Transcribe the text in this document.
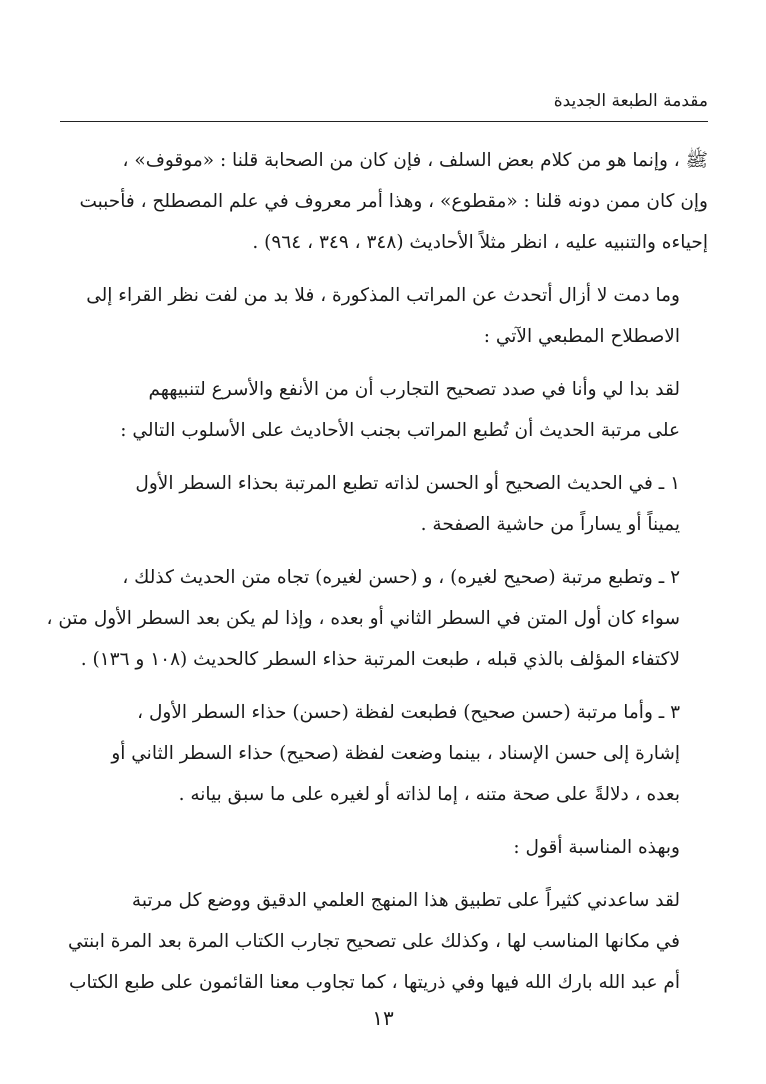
مقدمة الطبعة الجديدة

ﷺ ، وإنما هو من كلام بعض السلف ، فإن كان من الصحابة قلنا : «موقوف» ،
وإن كان ممن دونه قلنا : «مقطوع» ، وهذا أمر معروف في علم المصطلح ، فأحببت
إحياءه والتنبيه عليه ، انظر مثلاً الأحاديث (٣٤٨ ، ٣٤٩ ، ٩٦٤) .

وما دمت لا أزال أتحدث عن المراتب المذكورة ، فلا بد من لفت نظر القراء إلى
الاصطلاح المطبعي الآتي :

لقد بدا لي وأنا في صدد تصحيح التجارب أن من الأنفع والأسرع لتنبيههم
على مرتبة الحديث أن تُطبع المراتب بجنب الأحاديث على الأسلوب التالي :

١ ـ في الحديث الصحيح أو الحسن لذاته تطبع المرتبة بحذاء السطر الأول
يميناً أو يساراً من حاشية الصفحة .

٢ ـ وتطبع مرتبة (صحيح لغيره) ، و (حسن لغيره) تجاه متن الحديث كذلك ،
سواء كان أول المتن في السطر الثاني أو بعده ، وإذا لم يكن بعد السطر الأول متن ،
لاكتفاء المؤلف بالذي قبله ، طبعت المرتبة حذاء السطر كالحديث (١٠٨ و ١٣٦) .

٣ ـ وأما مرتبة (حسن صحيح) فطبعت لفظة (حسن) حذاء السطر الأول ،
إشارة إلى حسن الإسناد ، بينما وضعت لفظة (صحيح) حذاء السطر الثاني أو
بعده ، دلالةً على صحة متنه ، إما لذاته أو لغيره على ما سبق بيانه .

وبهذه المناسبة أقول :

لقد ساعدني كثيراً على تطبيق هذا المنهج العلمي الدقيق ووضع كل مرتبة
في مكانها المناسب لها ، وكذلك على تصحيح تجارب الكتاب المرة بعد المرة ابنتي
أم عبد الله بارك الله فيها وفي ذريتها ، كما تجاوب معنا القائمون على طبع الكتاب

١٣
